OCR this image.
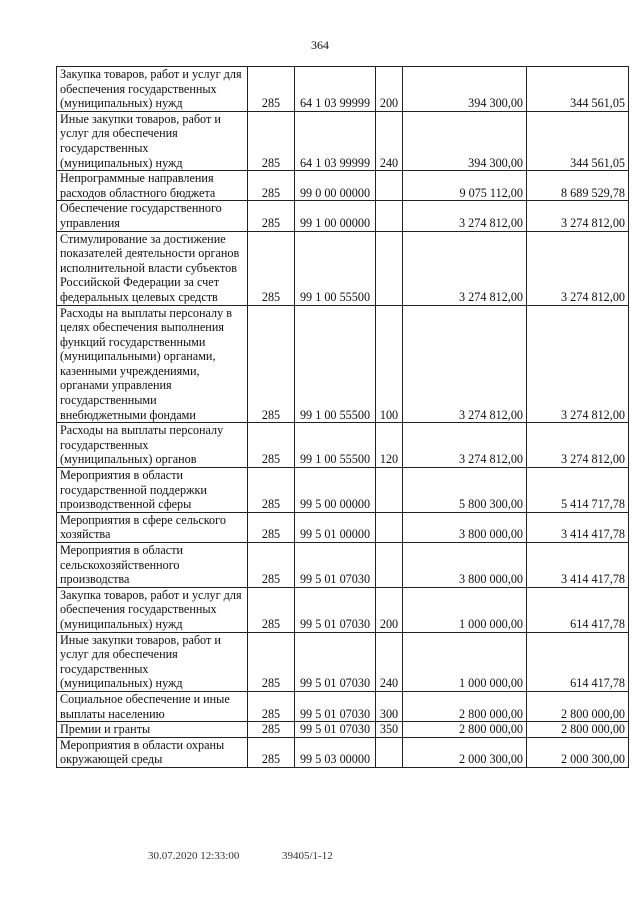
364
Закупка товаров, работ и услуг для обеспечения государственных (муниципальных) нужд	285	64 1 03 99999	200	394 300,00	344 561,05
Иные закупки товаров, работ и услуг для обеспечения государственных (муниципальных) нужд	285	64 1 03 99999	240	394 300,00	344 561,05
Непрограммные направления расходов областного бюджета	285	99 0 00 00000		9 075 112,00	8 689 529,78
Обеспечение государственного управления	285	99 1 00 00000		3 274 812,00	3 274 812,00
Стимулирование за достижение показателей деятельности органов исполнительной власти субъектов Российской Федерации за счет федеральных целевых средств	285	99 1 00 55500		3 274 812,00	3 274 812,00
Расходы на выплаты персоналу в целях обеспечения выполнения функций государственными (муниципальными) органами, казенными учреждениями, органами управления государственными внебюджетными фондами	285	99 1 00 55500	100	3 274 812,00	3 274 812,00
Расходы на выплаты персоналу государственных (муниципальных) органов	285	99 1 00 55500	120	3 274 812,00	3 274 812,00
Мероприятия в области государственной поддержки производственной сферы	285	99 5 00 00000		5 800 300,00	5 414 717,78
Мероприятия в сфере сельского хозяйства	285	99 5 01 00000		3 800 000,00	3 414 417,78
Мероприятия в области сельскохозяйственного производства	285	99 5 01 07030		3 800 000,00	3 414 417,78
Закупка товаров, работ и услуг для обеспечения государственных (муниципальных) нужд	285	99 5 01 07030	200	1 000 000,00	614 417,78
Иные закупки товаров, работ и услуг для обеспечения государственных (муниципальных) нужд	285	99 5 01 07030	240	1 000 000,00	614 417,78
Социальное обеспечение и иные выплаты населению	285	99 5 01 07030	300	2 800 000,00	2 800 000,00
Премии и гранты	285	99 5 01 07030	350	2 800 000,00	2 800 000,00
Мероприятия в области охраны окружающей среды	285	99 5 03 00000		2 000 300,00	2 000 300,00
30.07.2020 12:33:00	39405/1-12
